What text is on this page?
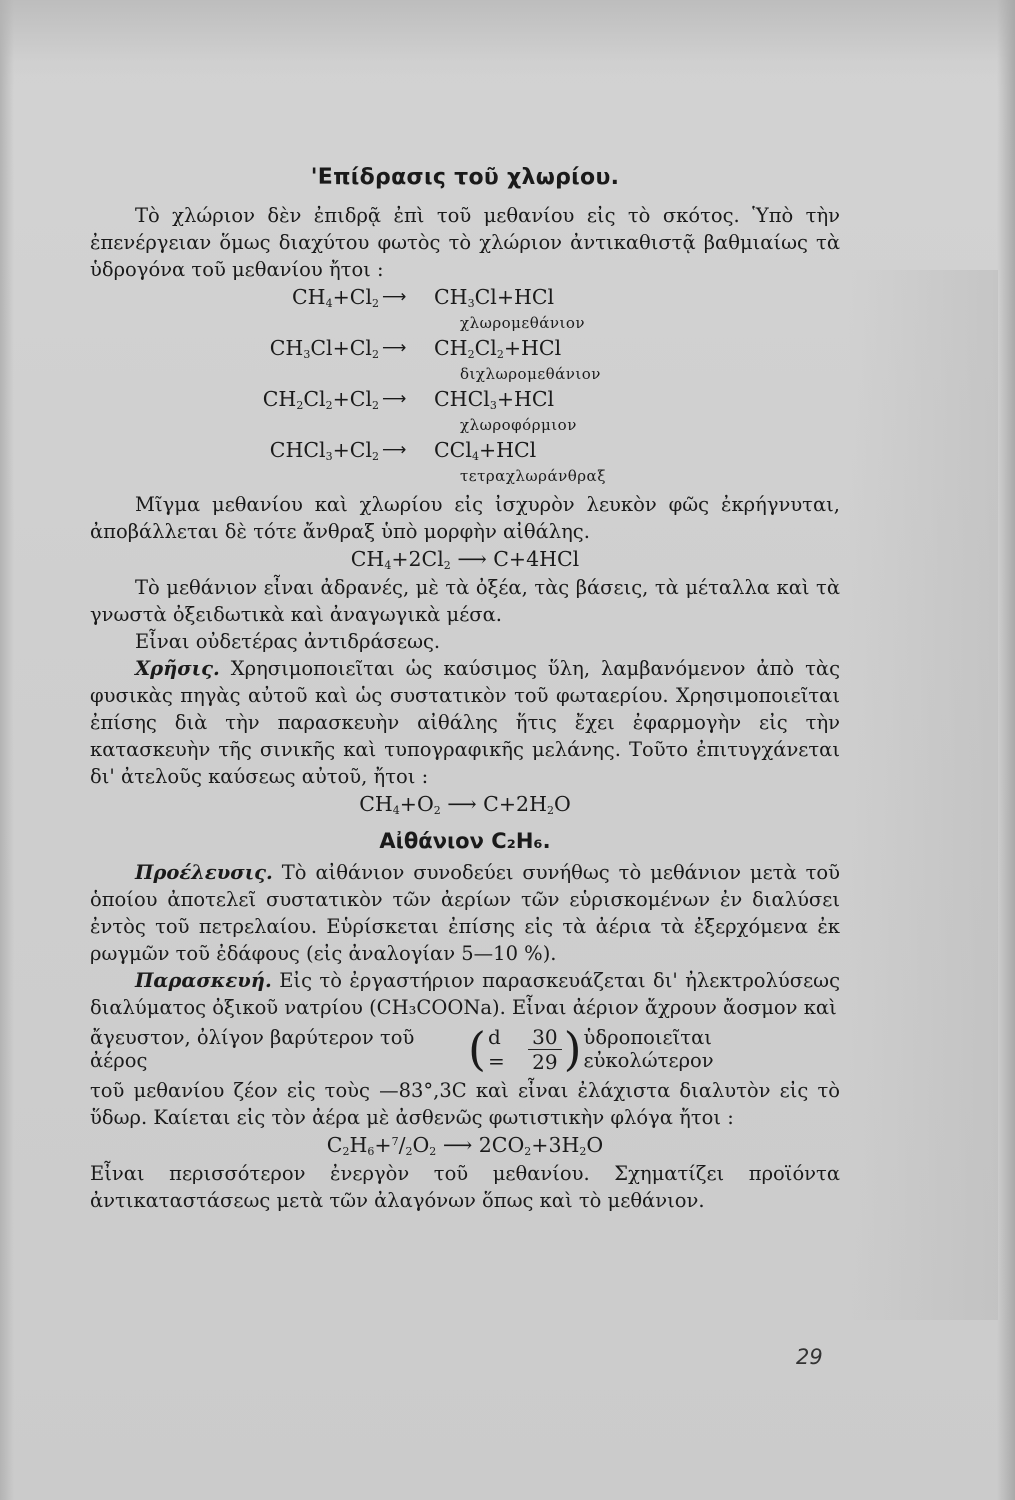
'Επίδρασις τοῦ χλωρίου.

Τὸ χλώριον δὲν ἐπιδρᾷ ἐπὶ τοῦ μεθανίου εἰς τὸ σκότος. Ὑπὸ τὴν ἐπενέργειαν ὅμως διαχύτου φωτὸς τὸ χλώριον ἀντικαθιστᾷ βαθμιαίως τὰ ὑδρογόνα τοῦ μεθανίου ἤτοι :

$CH_4+Cl_2$ ⟶	$CH_3Cl+HCl$
χλωρομεθάνιον
$CH_3Cl+Cl_2$ ⟶	$CH_2Cl_2+HCl$
διχλωρομεθάνιον
$CH_2Cl_2+Cl_2$ ⟶	CHCl$_3$+HCl
χλωροφόρμιον
$CHCl_3+Cl_2$ ⟶	CCl$_4$+HCl
τετραχλωράνθραξ

Μῖγμα μεθανίου καὶ χλωρίου εἰς ἰσχυρὸν λευκὸν φῶς ἐκρήγνυται, ἀποβάλλεται δὲ τότε ἄνθραξ ὑπὸ μορφὴν αἰθάλης.

$CH_4+2Cl_2$ ⟶ C+4HCl

Τὸ μεθάνιον εἶναι ἀδρανές, μὲ τὰ ὀξέα, τὰς βάσεις, τὰ μέταλλα καὶ τὰ γνωστὰ ὀξειδωτικὰ καὶ ἀναγωγικὰ μέσα.

Εἶναι οὐδετέρας ἀντιδράσεως.

Χρῆσις. Χρησιμοποιεῖται ὡς καύσιμος ὕλη, λαμβανόμενον ἀπὸ τὰς φυσικὰς πηγὰς αὐτοῦ καὶ ὡς συστατικὸν τοῦ φωταερίου. Χρησιμοποιεῖται ἐπίσης διὰ τὴν παρασκευὴν αἰθάλης ἥτις ἔχει ἐφαρμογὴν εἰς τὴν κατασκευὴν τῆς σινικῆς καὶ τυπογραφικῆς μελάνης. Τοῦτο ἐπιτυγχάνεται δι' ἀτελοῦς καύσεως αὐτοῦ, ἤτοι :

$CH_4+O_2$ ⟶ $C+2H_2O$
Αἰθάνιον C₂H₆.

Προέλευσις. Τὸ αἰθάνιον συνοδεύει συνήθως τὸ μεθάνιον μετὰ τοῦ ὁποίου ἀποτελεῖ συστατικὸν τῶν ἀερίων τῶν εὑρισκομένων ἐν διαλύσει ἐντὸς τοῦ πετρελαίου. Εὑρίσκεται ἐπίσης εἰς τὰ ἀέρια τὰ ἐξερχόμενα ἐκ ρωγμῶν τοῦ ἐδάφους (εἰς ἀναλογίαν 5—10 %).

Παρασκευή. Εἰς τὸ ἐργαστήριον παρασκευάζεται δι' ἠλεκτρολύσεως διαλύματος ὀξικοῦ νατρίου (CH₃COONa). Εἶναι ἀέριον ἄχρουν ἄοσμον καὶ

ἄγευστον, ὀλίγον βαρύτερον τοῦ ἀέρος	( d =	$\frac{30}{29}$ ) ὑδροποιεῖται εὐκολώτερον

τοῦ μεθανίου ζέον εἰς τοὺς —83°,3C καὶ εἶναι ἐλάχιστα διαλυτὸν εἰς τὸ ὕδωρ. Καίεται εἰς τὸν ἀέρα μὲ ἀσθενῶς φωτιστικὴν φλόγα ἤτοι :

$C_2H_6+^7/_2O_2$ ⟶ $2CO_2+3H_2O$

Εἶναι περισσότερον ἐνεργὸν τοῦ μεθανίου. Σχηματίζει προϊόντα ἀντικαταστάσεως μετὰ τῶν ἀλαγόνων ὅπως καὶ τὸ μεθάνιον.

29
